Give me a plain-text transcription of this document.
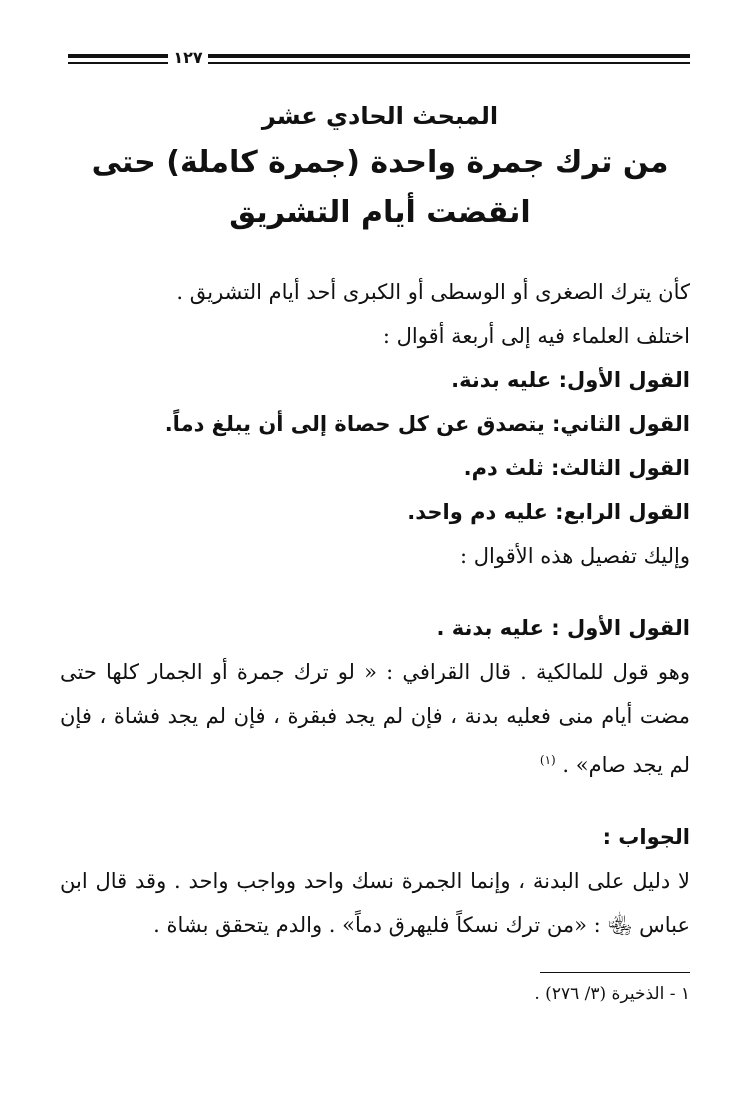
١٢٧
المبحث الحادي عشر
من ترك جمرة واحدة (جمرة كاملة) حتى انقضت أيام التشريق

كأن يترك الصغرى أو الوسطى أو الكبرى أحد أيام التشريق .

اختلف العلماء فيه إلى أربعة أقوال :

القول الأول: عليه بدنة.

القول الثاني: يتصدق عن كل حصاة إلى أن يبلغ دماً.

القول الثالث: ثلث دم.

القول الرابع: عليه دم واحد.

وإليك تفصيل هذه الأقوال :

القول الأول : عليه بدنة .

وهو قول للمالكية . قال القرافي : « لو ترك جمرة أو الجمار كلها حتى مضت أيام منى فعليه بدنة ، فإن لم يجد فبقرة ، فإن لم يجد فشاة ، فإن لم يجد صام» . $^{(١)}$

الجواب :

لا دليل على البدنة ، وإنما الجمرة نسك واحد وواجب واحد . وقد قال ابن عباس ﵄ : «من ترك نسكاً فليهرق دماً» . والدم يتحقق بشاة .

١ - الذخيرة (٣/ ٢٧٦) .
